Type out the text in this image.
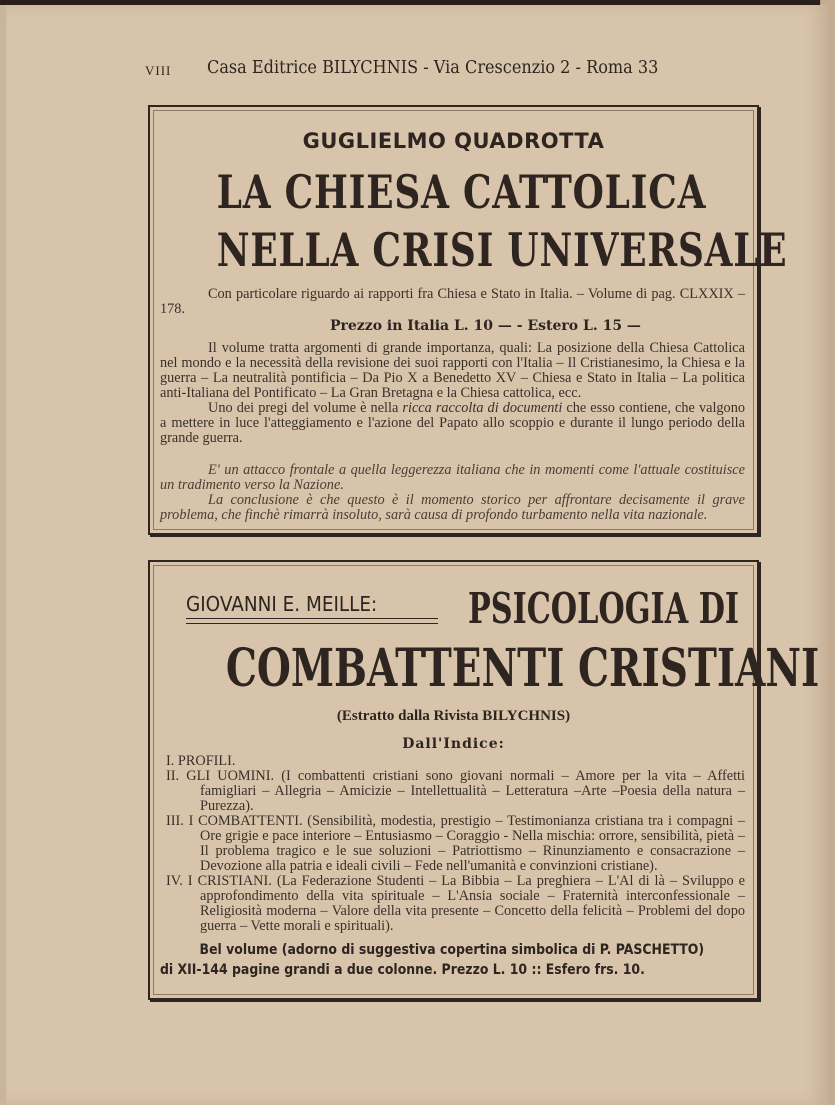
VIII Casa Editrice BILYCHNIS - Via Crescenzio 2 - Roma 33
GUGLIELMO QUADROTTA
LA CHIESA CATTOLICA
NELLA CRISI UNIVERSALE

Con particolare riguardo ai rapporti fra Chiesa e Stato in Italia. – Volume di pag. CLXXIX – 178.

Prezzo in Italia L. 10 — - Estero L. 15 —

Il volume tratta argomenti di grande importanza, quali: La posizione della Chiesa Cattolica nel mondo e la necessità della revisione dei suoi rapporti con l'Italia – Il Cristianesimo, la Chiesa e la guerra – La neutralità pontificia – Da Pio X a Benedetto XV – Chiesa e Stato in Italia – La politica anti-Italiana del Pontificato – La Gran Bretagna e la Chiesa cattolica, ecc.

Uno dei pregi del volume è nella ricca raccolta di documenti che esso contiene, che valgono a mettere in luce l'atteggiamento e l'azione del Papato allo scoppio e durante il lungo periodo della grande guerra.

E' un attacco frontale a quella leggerezza italiana che in momenti come l'attuale costituisce un tradimento verso la Nazione.

La conclusione è che questo è il momento storico per affrontare decisamente il grave problema, che finchè rimarrà insoluto, sarà causa di profondo turbamento nella vita nazionale.

GIOVANNI E. MEILLE: PSICOLOGIA DI
COMBATTENTI CRISTIANI
(Estratto dalla Rivista BILYCHNIS)
Dall'Indice:

I. PROFILI.

II. GLI UOMINI. (I combattenti cristiani sono giovani normali – Amore per la vita – Affetti famigliari – Allegria – Amicizie – Intellettualità – Letteratura –Arte –Poesia della natura – Purezza).

III. I COMBATTENTI. (Sensibilità, modestia, prestigio – Testimonianza cristiana tra i compagni – Ore grigie e pace interiore – Entusiasmo – Coraggio - Nella mischia: orrore, sensibilità, pietà – Il problema tragico e le sue soluzioni – Patriottismo – Rinunziamento e consacrazione – Devozione alla patria e ideali civili – Fede nell'umanità e convinzioni cristiane).

IV. I CRISTIANI. (La Federazione Studenti – La Bibbia – La preghiera – L'Al di là – Sviluppo e approfondimento della vita spirituale – L'Ansia sociale – Fraternità interconfessionale – Religiosità moderna – Valore della vita presente – Concetto della felicità – Problemi del dopo guerra – Vette morali e spirituali).

Bel volume (adorno di suggestiva copertina simbolica di P. PASCHETTO)
di XII-144 pagine grandi a due colonne. Prezzo L. 10 :: Esfero frs. 10.
